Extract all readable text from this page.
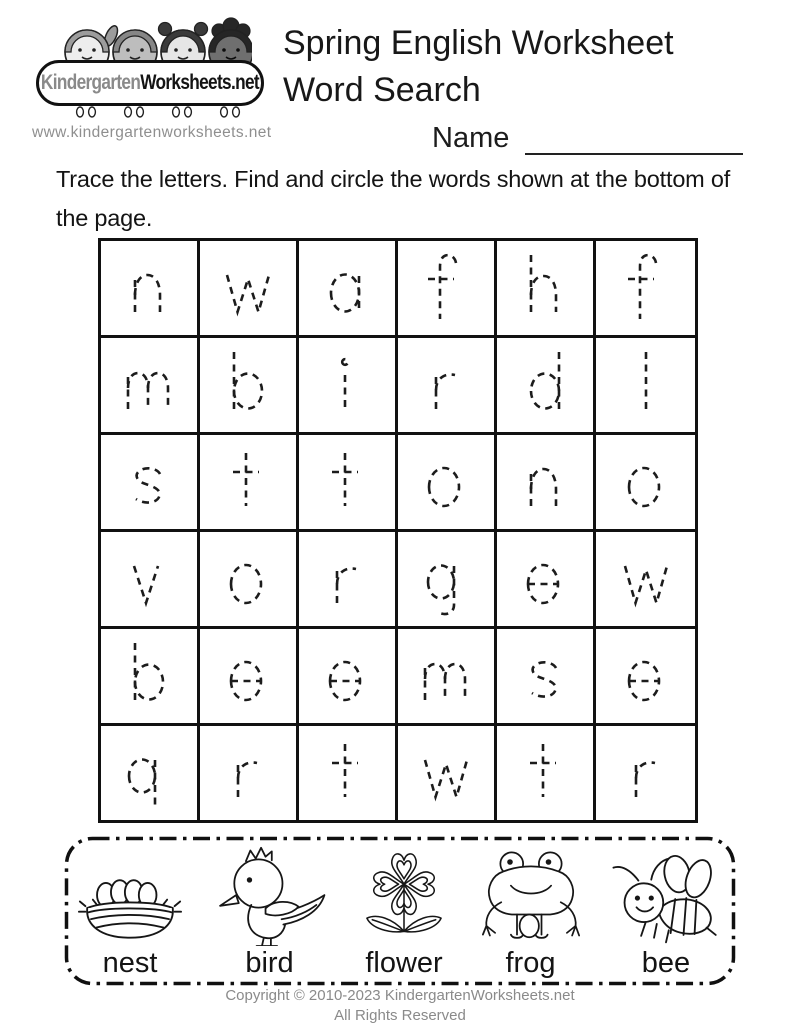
KindergartenWorksheets.net
www.kindergartenworksheets.net
Spring English Worksheet
Word Search
Name
Trace the letters. Find and circle the words shown at the bottom of the page.
nest	bird flower frog	bee
Copyright © 2010-2023 KindergartenWorksheets.net
All Rights Reserved
